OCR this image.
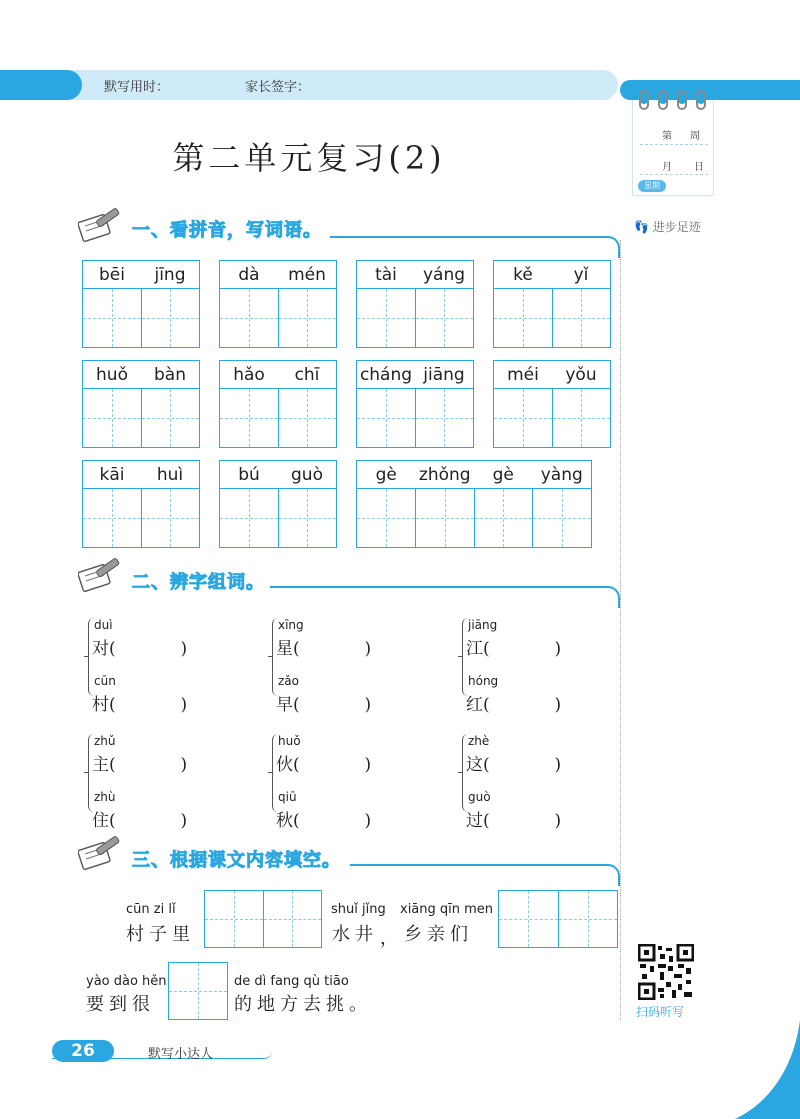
默写用时：	家长签字：
第 周
月 日
星期
👣 进步足迹
第二单元复习(2)
一、看拼音，写词语。
bēi	jīng	dà	mén	tài	yáng	kě	yǐ
huǒ	bàn	hǎo	chī	cháng jiāng	méi	yǒu
kāi	huì	bú	guò	gè	zhǒng	gè	yàng
二、辨字组词。
duì
对(            )
cūn
村(            )
xīng
星(            )
zǎo
早(            )
jiāng
江(            )
hóng
红(            )
zhǔ
主(            )
zhù
住(            )
huǒ
伙(            )
qiū
秋(            )
zhè
这(            )
guò
过(            )
三、根据课文内容填空。
cūn zi lǐ
村子里
shuǐ jǐng
水井 ，
xiāng qīn men
乡亲们
yào dào hěn
要到很
de dì fang qù tiāo
的地方去挑。	扫码听写
26	默写小达人
